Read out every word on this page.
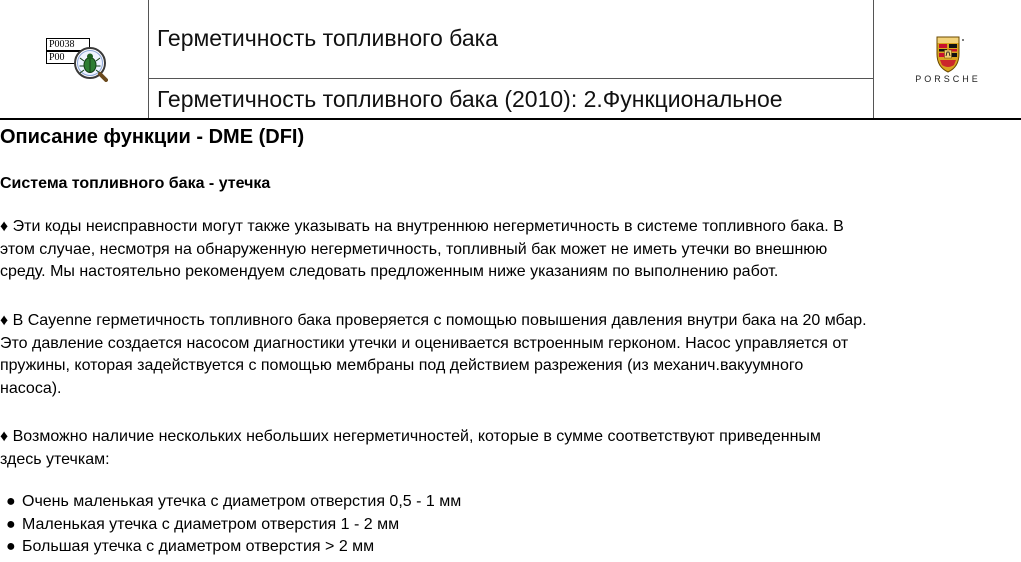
P0038
P00
Герметичность топливного бака
Герметичность топливного бака (2010): 2.Функциональное
PORSCHE
Описание функции - DME (DFI)
Система топливного бака - утечка
♦ Эти коды неисправности могут также указывать на внутреннюю негерметичность в системе топливного бака. В
этом случае, несмотря на обнаруженную негерметичность, топливный бак может не иметь утечки во внешнюю
среду. Мы настоятельно рекомендуем следовать предложенным ниже указаниям по выполнению работ.
♦ В Cayenne герметичность топливного бака проверяется с помощью повышения давления внутри бака на 20 мбар.
Это давление создается насосом диагностики утечки и оценивается встроенным герконом. Насос управляется от
пружины, которая задействуется с помощью мембраны под действием разрежения (из механич.вакуумного
насоса).
♦ Возможно наличие нескольких небольших негерметичностей, которые в сумме соответствуют приведенным
здесь утечкам:
● Очень маленькая утечка с диаметром отверстия 0,5 - 1 мм
● Маленькая утечка с диаметром отверстия 1 - 2 мм
● Большая утечка с диаметром отверстия > 2 мм
